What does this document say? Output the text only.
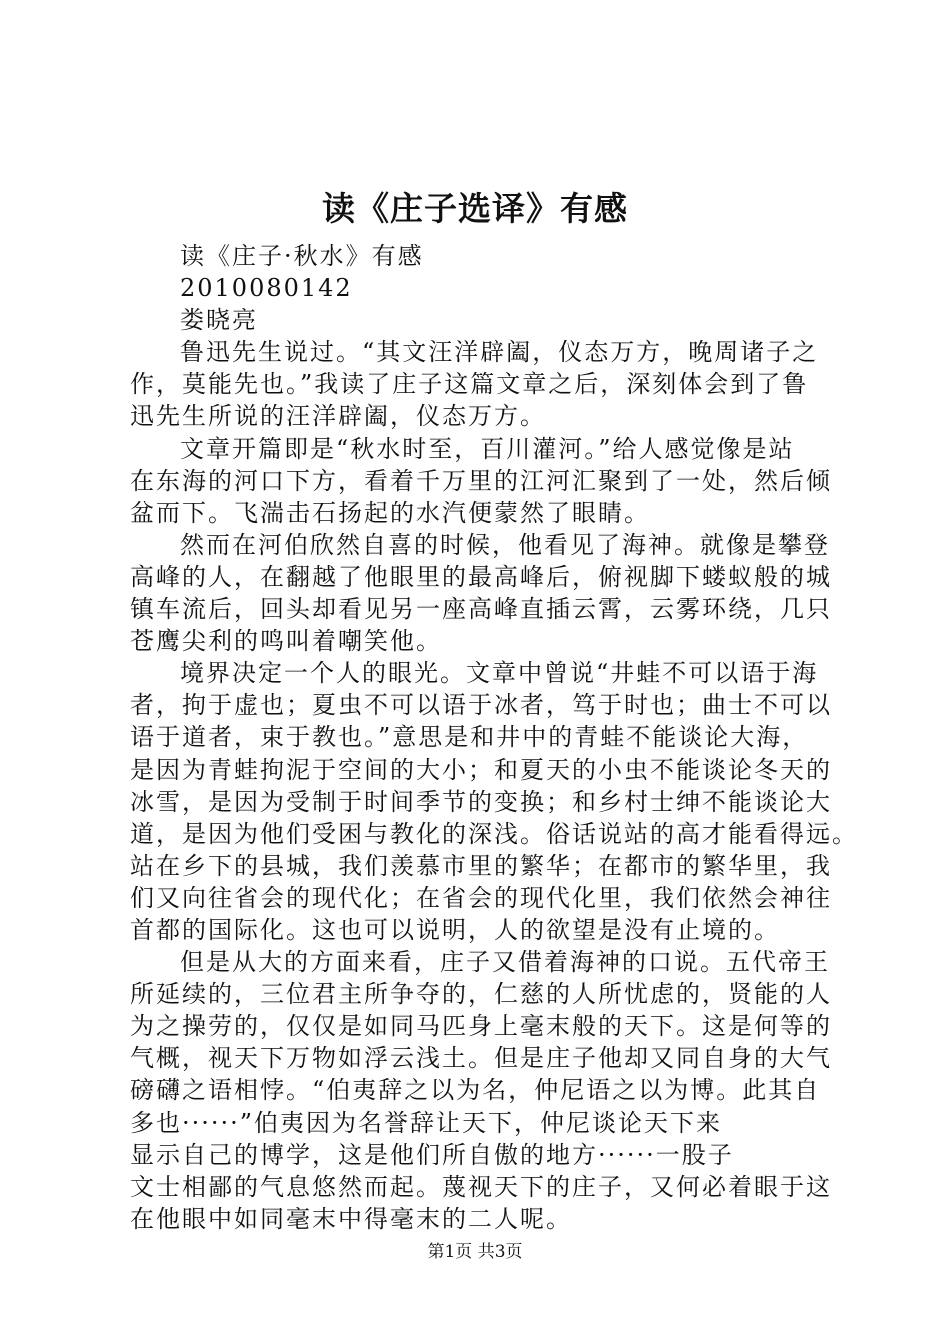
读《庄子选译》有感
读《庄子·秋水》有感
2010080142
娄晓亮
鲁迅先生说过。“其文汪洋辟阖，仪态万方，晚周诸子之
作，莫能先也。”我读了庄子这篇文章之后，深刻体会到了鲁
迅先生所说的汪洋辟阖，仪态万方。
文章开篇即是“秋水时至，百川灌河。”给人感觉像是站
在东海的河口下方，看着千万里的江河汇聚到了一处，然后倾
盆而下。飞湍击石扬起的水汽便蒙然了眼睛。
然而在河伯欣然自喜的时候，他看见了海神。就像是攀登
高峰的人，在翻越了他眼里的最高峰后，俯视脚下蝼蚁般的城
镇车流后，回头却看见另一座高峰直插云霄，云雾环绕，几只
苍鹰尖利的鸣叫着嘲笑他。
境界决定一个人的眼光。文章中曾说“井蛙不可以语于海
者，拘于虚也；夏虫不可以语于冰者，笃于时也；曲士不可以
语于道者，束于教也。”意思是和井中的青蛙不能谈论大海，
是因为青蛙拘泥于空间的大小；和夏天的小虫不能谈论冬天的
冰雪，是因为受制于时间季节的变换；和乡村士绅不能谈论大
道，是因为他们受困与教化的深浅。俗话说站的高才能看得远。
站在乡下的县城，我们羡慕市里的繁华；在都市的繁华里，我
们又向往省会的现代化；在省会的现代化里，我们依然会神往
首都的国际化。这也可以说明，人的欲望是没有止境的。
但是从大的方面来看，庄子又借着海神的口说。五代帝王
所延续的，三位君主所争夺的，仁慈的人所忧虑的，贤能的人
为之操劳的，仅仅是如同马匹身上毫末般的天下。这是何等的
气概，视天下万物如浮云浅土。但是庄子他却又同自身的大气
磅礴之语相悖。“伯夷辞之以为名，仲尼语之以为博。此其自
多也······”伯夷因为名誉辞让天下，仲尼谈论天下来
显示自己的博学，这是他们所自傲的地方······一股子
文士相鄙的气息悠然而起。蔑视天下的庄子，又何必着眼于这
在他眼中如同毫末中得毫末的二人呢。
第1页 共3页
